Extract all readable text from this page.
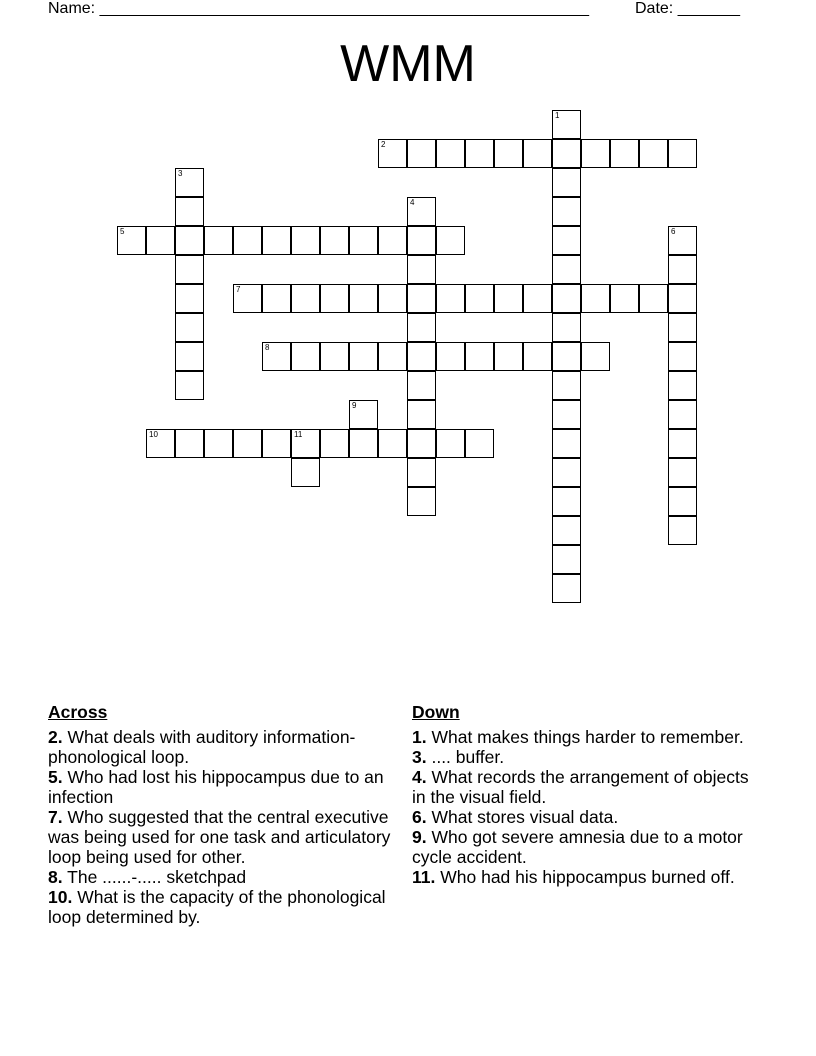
Name: _______________________________________________________	Date: _______
WMM
1
2
3
4
5	6
7
8
9
10	11
Across
2. What deals with auditory information- phonological loop.
5. Who had lost his hippocampus due to an infection
7. Who suggested that the central executive was being used for one task and articulatory loop being used for other.
8. The ......-..... sketchpad
10. What is the capacity of the phonological loop determined by.
Down
1. What makes things harder to remember.
3. .... buffer.
4. What records the arrangement of objects in the visual field.
6. What stores visual data.
9. Who got severe amnesia due to a motor cycle accident.
11. Who had his hippocampus burned off.
